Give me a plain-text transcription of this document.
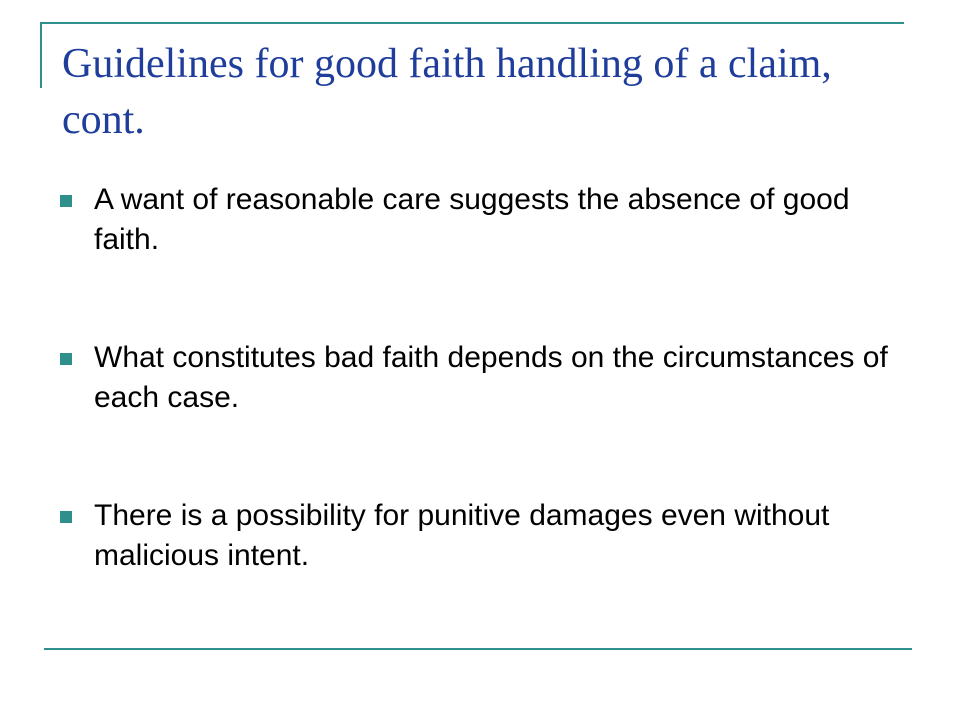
Guidelines for good faith handling of a claim, cont.
A want of reasonable care suggests the absence of good faith.
What constitutes bad faith depends on the circumstances of each case.
There is a possibility for punitive damages even without malicious intent.
